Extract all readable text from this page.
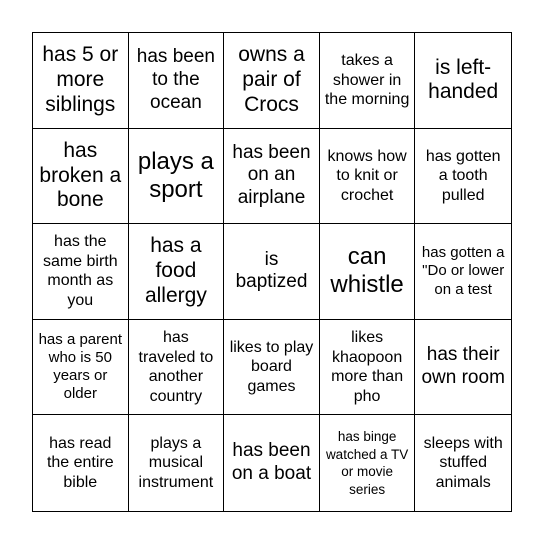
has 5 or more siblings
has been to the ocean
owns a pair of Crocs
takes a shower in the morning
is left-handed
has broken a bone
plays a sport
has been on an airplane
knows how to knit or crochet
has gotten a tooth pulled
has the same birth month as you
has a food allergy
is baptized
can whistle
has gotten a "Do or lower on a test
has a parent who is 50 years or older
has traveled to another country
likes to play board games
likes khaopoon more than pho
has their own room
has read the entire bible
plays a musical instrument
has been on a boat
has binge watched a TV or movie series
sleeps with stuffed animals
